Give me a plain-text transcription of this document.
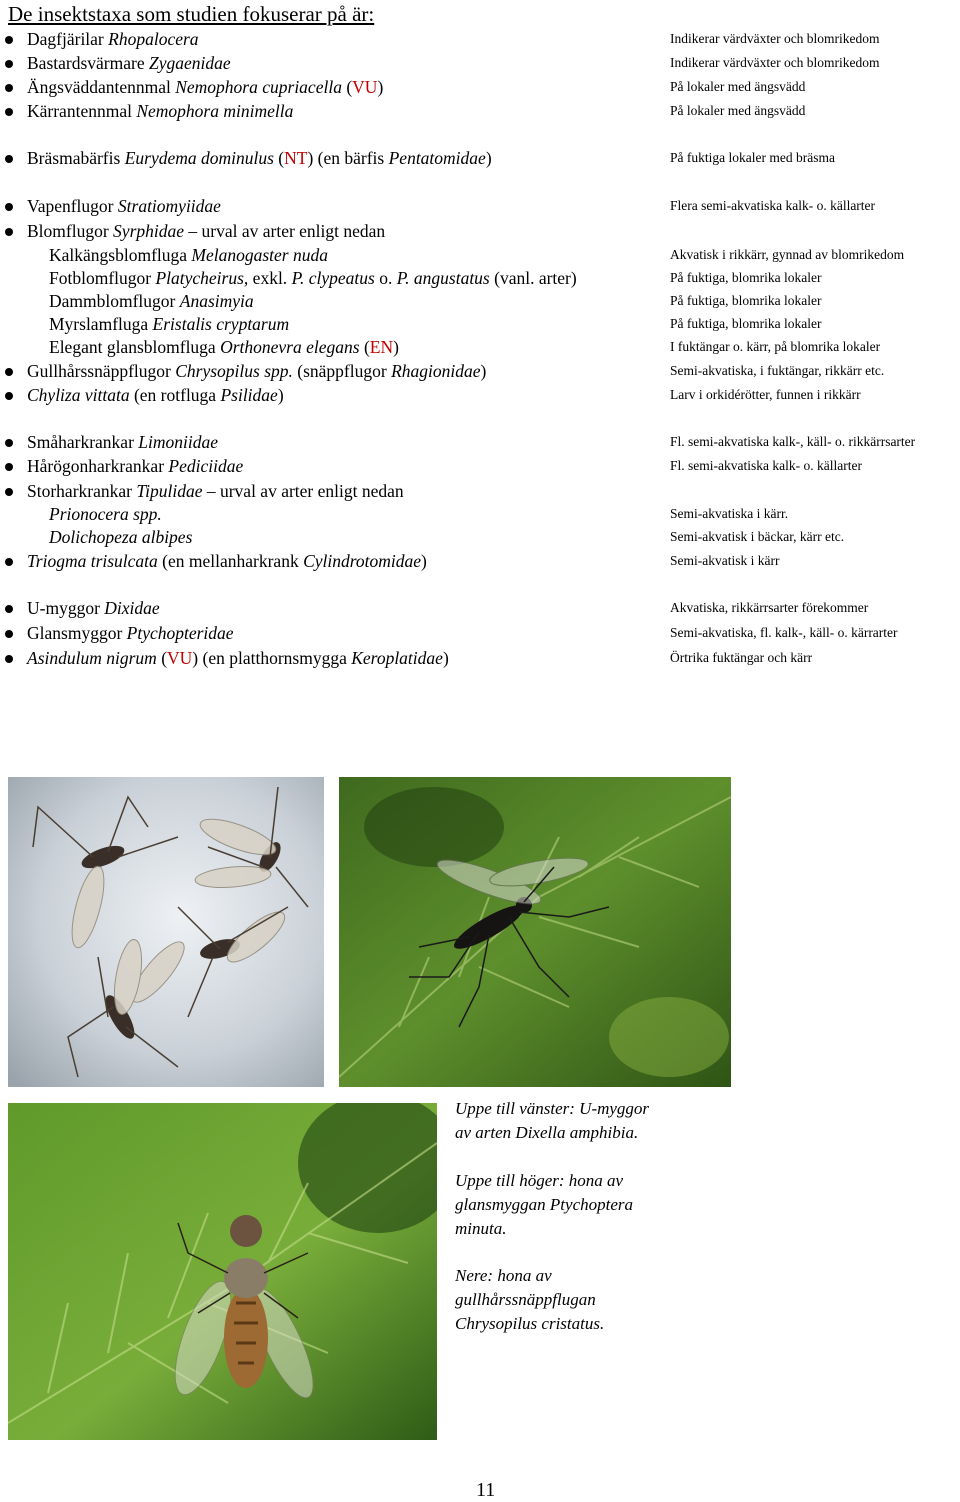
De insektstaxa som studien fokuserar på är:
Dagfjärilar Rhopalocera	Indikerar värdväxter och blomrikedom
Bastardsvärmare Zygaenidae	Indikerar värdväxter och blomrikedom
Ängsväddantennmal Nemophora cupriacella (VU)	På lokaler med ängsvädd
Kärrantennmal Nemophora minimella	På lokaler med ängsvädd
Bräsmabärfis Eurydema dominulus (NT) (en bärfis Pentatomidae)	På fuktiga lokaler med bräsma
Vapenflugor Stratiomyiidae	Flera semi-akvatiska kalk- o. källarter
Blomflugor Syrphidae – urval av arter enligt nedan
Kalkängsblomfluga Melanogaster nuda	Akvatisk i rikkärr, gynnad av blomrikedom
Fotblomflugor Platycheirus, exkl. P. clypeatus o. P. angustatus (vanl. arter)	På fuktiga, blomrika lokaler
Dammblomflugor Anasimyia	På fuktiga, blomrika lokaler
Myrslamfluga Eristalis cryptarum	På fuktiga, blomrika lokaler
Elegant glansblomfluga Orthonevra elegans (EN)	I fuktängar o. kärr, på blomrika lokaler
Gullhårssnäppflugor Chrysopilus spp. (snäppflugor Rhagionidae)	Semi-akvatiska, i fuktängar, rikkärr etc.
Chyliza vittata (en rotfluga Psilidae)	Larv i orkidérötter, funnen i rikkärr
Småharkrankar Limoniidae	Fl. semi-akvatiska kalk-, käll- o. rikkärrsarter
Hårögonharkrankar Pediciidae	Fl. semi-akvatiska kalk- o. källarter
Storharkrankar Tipulidae – urval av arter enligt nedan
Prionocera spp.	Semi-akvatiska i kärr.
Dolichopeza albipes	Semi-akvatisk i bäckar, kärr etc.
Triogma trisulcata (en mellanharkrank Cylindrotomidae)	Semi-akvatisk i kärr
U-myggor Dixidae	Akvatiska, rikkärrsarter förekommer
Glansmyggor Ptychopteridae	Semi-akvatiska, fl. kalk-, käll- o. kärrarter
Asindulum nigrum (VU) (en platthornsmygga Keroplatidae)	Örtrika fuktängar och kärr
Uppe till vänster: U-myggor
av arten Dixella amphibia.
Uppe till höger: hona av
glansmyggan Ptychoptera
minuta.
Nere: hona av
gullhårssnäppflugan
Chrysopilus cristatus.
11
